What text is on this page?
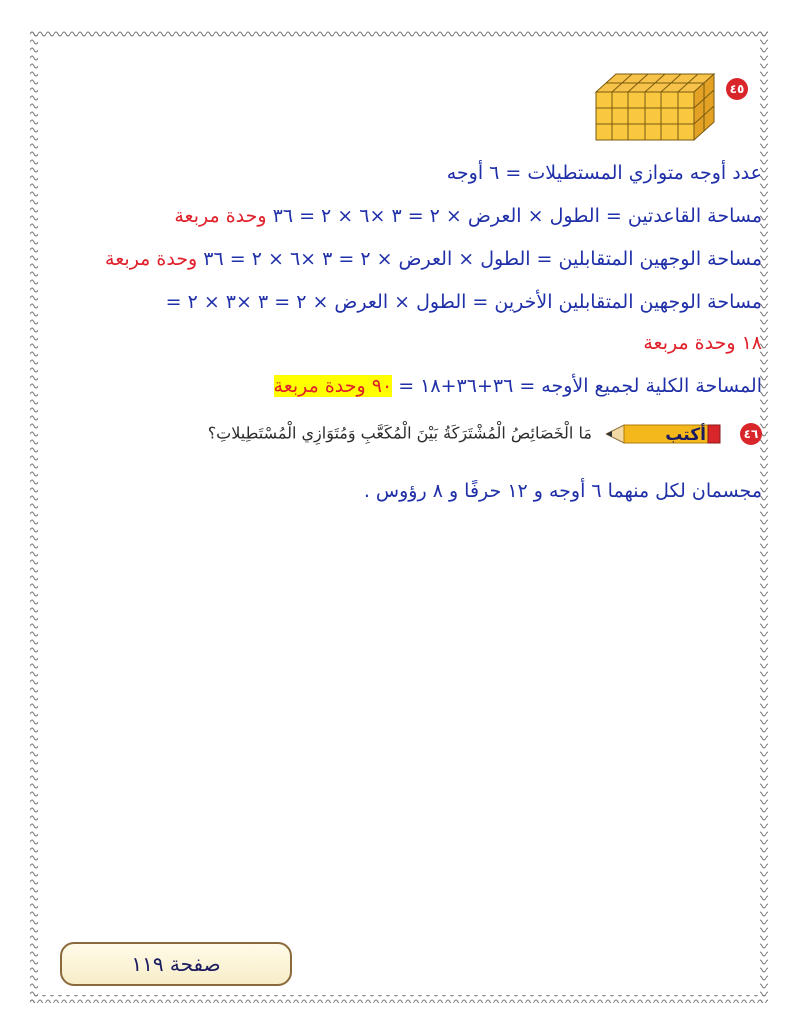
٤٥
عدد أوجه متوازي المستطيلات = ٦ أوجه
مساحة القاعدتين = الطول × العرض × ٢ = ٣ ×٦ × ٢ = ٣٦ وحدة مربعة
مساحة الوجهين المتقابلين = الطول × العرض × ٢ = ٣ ×٦ × ٢ = ٣٦ وحدة مربعة
مساحة الوجهين المتقابلين الأخرين = الطول × العرض × ٢ = ٣ ×٣ × ٢ =
١٨ وحدة مربعة
المساحة الكلية لجميع الأوجه = ٣٦+٣٦+١٨ = ٩٠ وحدة مربعة
٤٦
أكتب
مَا الْخَصَائِصُ الْمُشْتَرَكَةُ بَيْنَ الْمُكَعَّبِ وَمُتَوَازِي الْمُسْتَطِيلاتِ؟
مجسمان لكل منهما ٦ أوجه و ١٢ حرفًا و ٨ رؤوس .
صفحة ١١٩
